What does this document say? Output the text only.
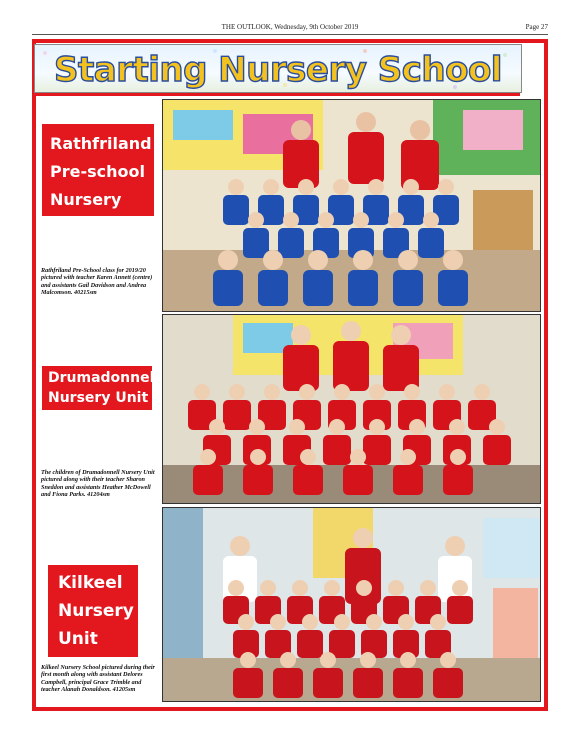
THE OUTLOOK, Wednesday, 9th October 2019	Page 27
Starting Nursery School
Rathfriland
Pre-school
Nursery
Rathfriland Pre-School class for 2019/20 pictured with teacher Karen Annett (centre) and assistants Gail Davidson and Andrea Malcomson. 40215sm
Drumadonnell
Nursery Unit
The children of Drumadonnell Nursery Unit pictured along with their teacher Sharon Sneddon and assistants Heather McDowell and Fiona Parks. 41204sm
Kilkeel
Nursery
Unit
Kilkeel Nursery School pictured during their first month along with assistant Delores Campbell, principal Grace Trimble and teacher Alanah Donaldson. 41205sm
